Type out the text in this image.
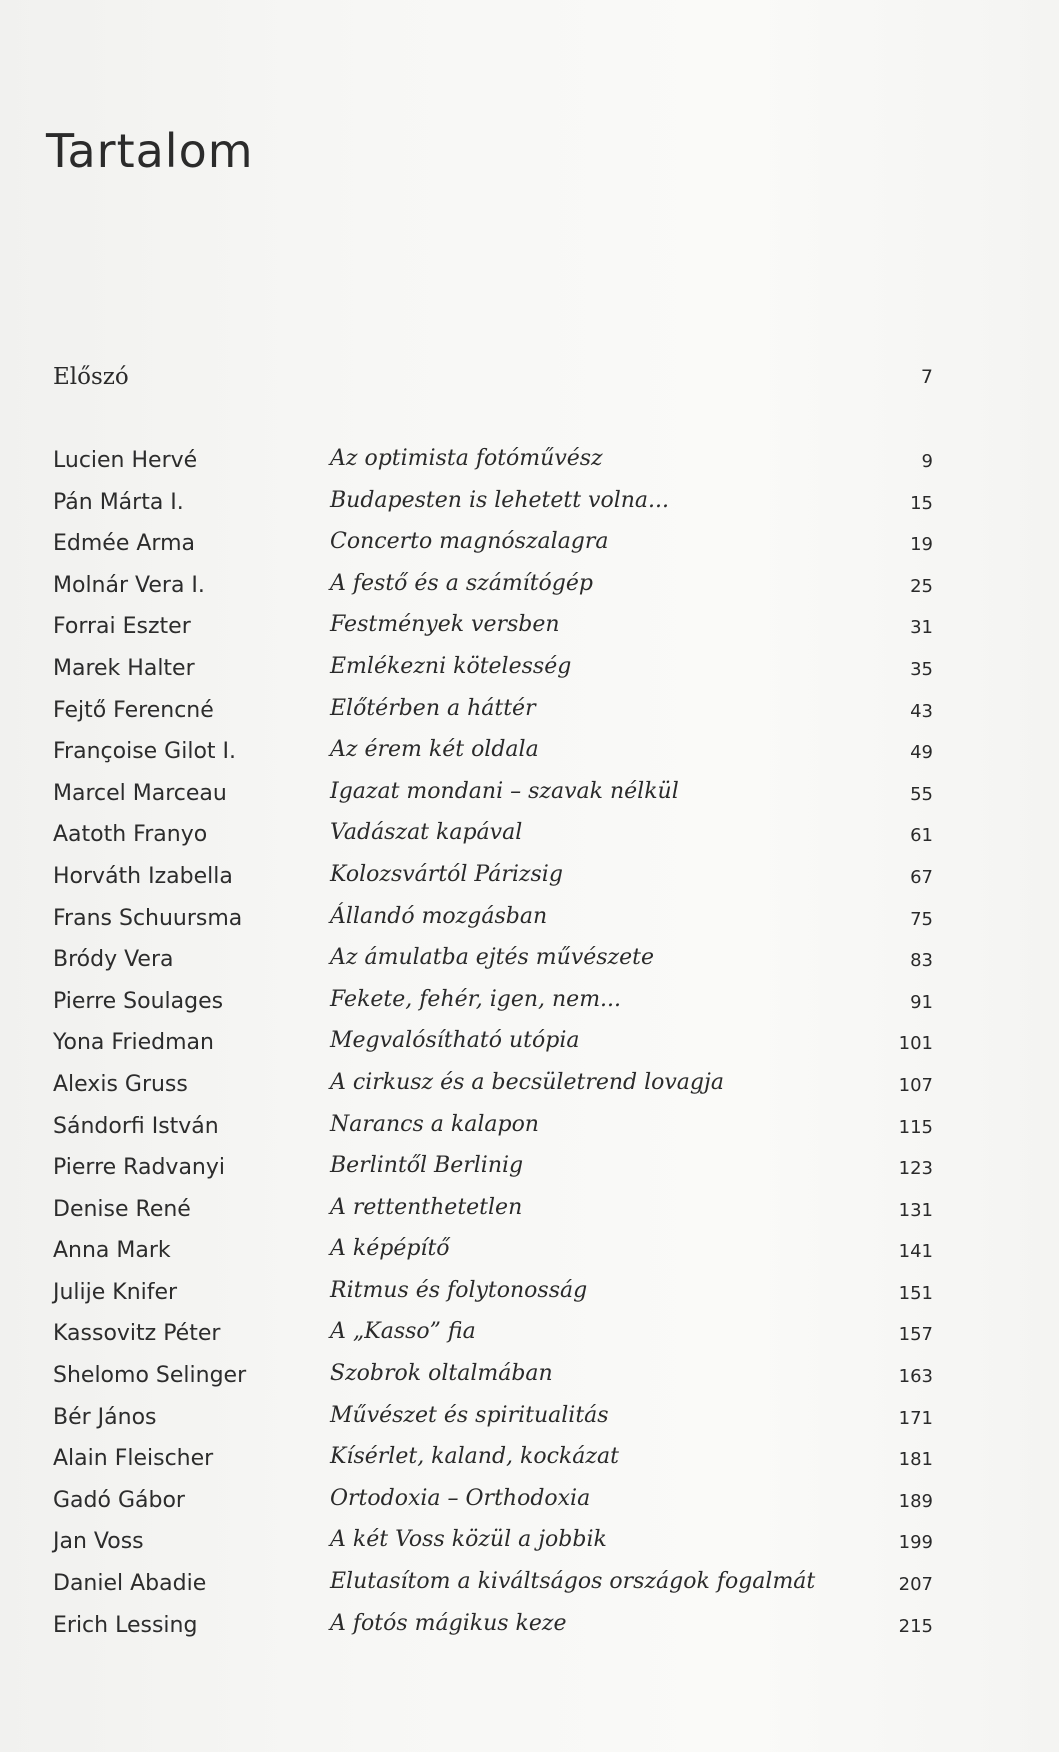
Tartalom
Előszó	7
Lucien Hervé	Az optimista fotóművész	9
Pán Márta I.	Budapesten is lehetett volna...	15
Edmée Arma	Concerto magnószalagra	19
Molnár Vera I.	A festő és a számítógép	25
Forrai Eszter	Festmények versben	31
Marek Halter	Emlékezni kötelesség	35
Fejtő Ferencné	Előtérben a háttér	43
Françoise Gilot I.	Az érem két oldala	49
Marcel Marceau	Igazat mondani – szavak nélkül	55
Aatoth Franyo	Vadászat kapával	61
Horváth Izabella	Kolozsvártól Párizsig	67
Frans Schuursma	Állandó mozgásban	75
Bródy Vera	Az ámulatba ejtés művészete	83
Pierre Soulages	Fekete, fehér, igen, nem...	91
Yona Friedman	Megvalósítható utópia	101
Alexis Gruss	A cirkusz és a becsületrend lovagja	107
Sándorfi István	Narancs a kalapon	115
Pierre Radvanyi	Berlintől Berlinig	123
Denise René	A rettenthetetlen	131
Anna Mark	A képépítő	141
Julije Knifer	Ritmus és folytonosság	151
Kassovitz Péter	A „Kasso” fia	157
Shelomo Selinger	Szobrok oltalmában	163
Bér János	Művészet és spiritualitás	171
Alain Fleischer	Kísérlet, kaland, kockázat	181
Gadó Gábor	Ortodoxia – Orthodoxia	189
Jan Voss	A két Voss közül a jobbik	199
Daniel Abadie	Elutasítom a kiváltságos országok fogalmát	207
Erich Lessing	A fotós mágikus keze	215
